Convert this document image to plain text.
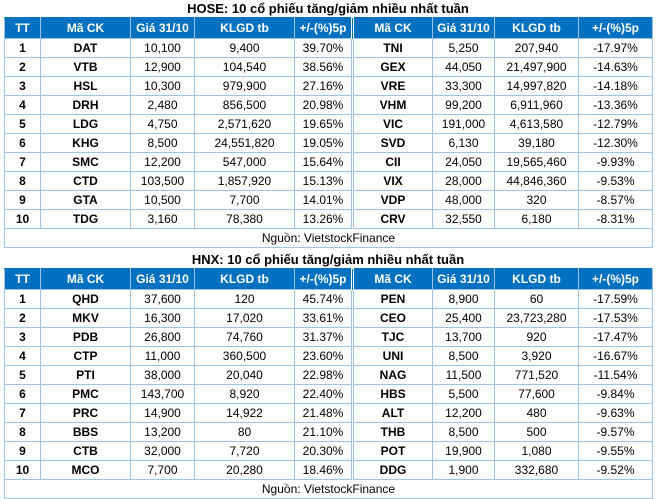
HOSE: 10 cổ phiếu tăng/giảm nhiều nhất tuần
TT	Mã CK	Giá 31/10	KLGD tb	+/-(%)5p	Mã CK	Giá 31/10	KLGD tb	+/-(%)5p
1	DAT	10,100	9,400	39.70%	TNI	5,250	207,940	-17.97%
2	VTB	12,900	104,540	38.56%	GEX	44,050	21,497,900	-14.63%
3	HSL	10,300	979,900	27.16%	VRE	33,300	14,997,820	-14.18%
4	DRH	2,480	856,500	20.98%	VHM	99,200	6,911,960	-13.36%
5	LDG	4,750	2,571,620	19.65%	VIC	191,000	4,613,580	-12.79%
6	KHG	8,500	24,551,820	19.05%	SVD	6,130	39,180	-12.30%
7	SMC	12,200	547,000	15.64%	CII	24,050	19,565,460	-9.93%
8	CTD	103,500	1,857,920	15.13%	VIX	28,000	44,846,360	-9.53%
9	GTA	10,500	7,700	14.01%	VDP	48,000	320	-8.57%
10	TDG	3,160	78,380	13.26%	CRV	32,550	6,180	-8.31%
Nguồn: VietstockFinance								
HNX: 10 cổ phiếu tăng/giảm nhiều nhất tuần
TT	Mã CK	Giá 31/10	KLGD tb	+/-(%)5p	Mã CK	Giá 31/10	KLGD tb	+/-(%)5p
1	QHD	37,600	120	45.74%	PEN	8,900	60	-17.59%
2	MKV	16,300	17,020	33.61%	CEO	25,400	23,723,280	-17.53%
3	PDB	26,800	74,760	31.37%	TJC	13,700	920	-17.47%
4	CTP	11,000	360,500	23.60%	UNI	8,500	3,920	-16.67%
5	PTI	38,000	20,040	22.98%	NAG	11,500	771,520	-11.54%
6	PMC	143,700	8,920	22.40%	HBS	5,500	77,600	-9.84%
7	PRC	14,900	14,922	21.48%	ALT	12,200	480	-9.63%
8	BBS	13,200	80	21.10%	THB	8,500	500	-9.57%
9	CTB	32,000	7,720	20.30%	POT	19,900	1,080	-9.55%
10	MCO	7,700	20,280	18.46%	DDG	1,900	332,680	-9.52%
Nguồn: VietstockFinance								
